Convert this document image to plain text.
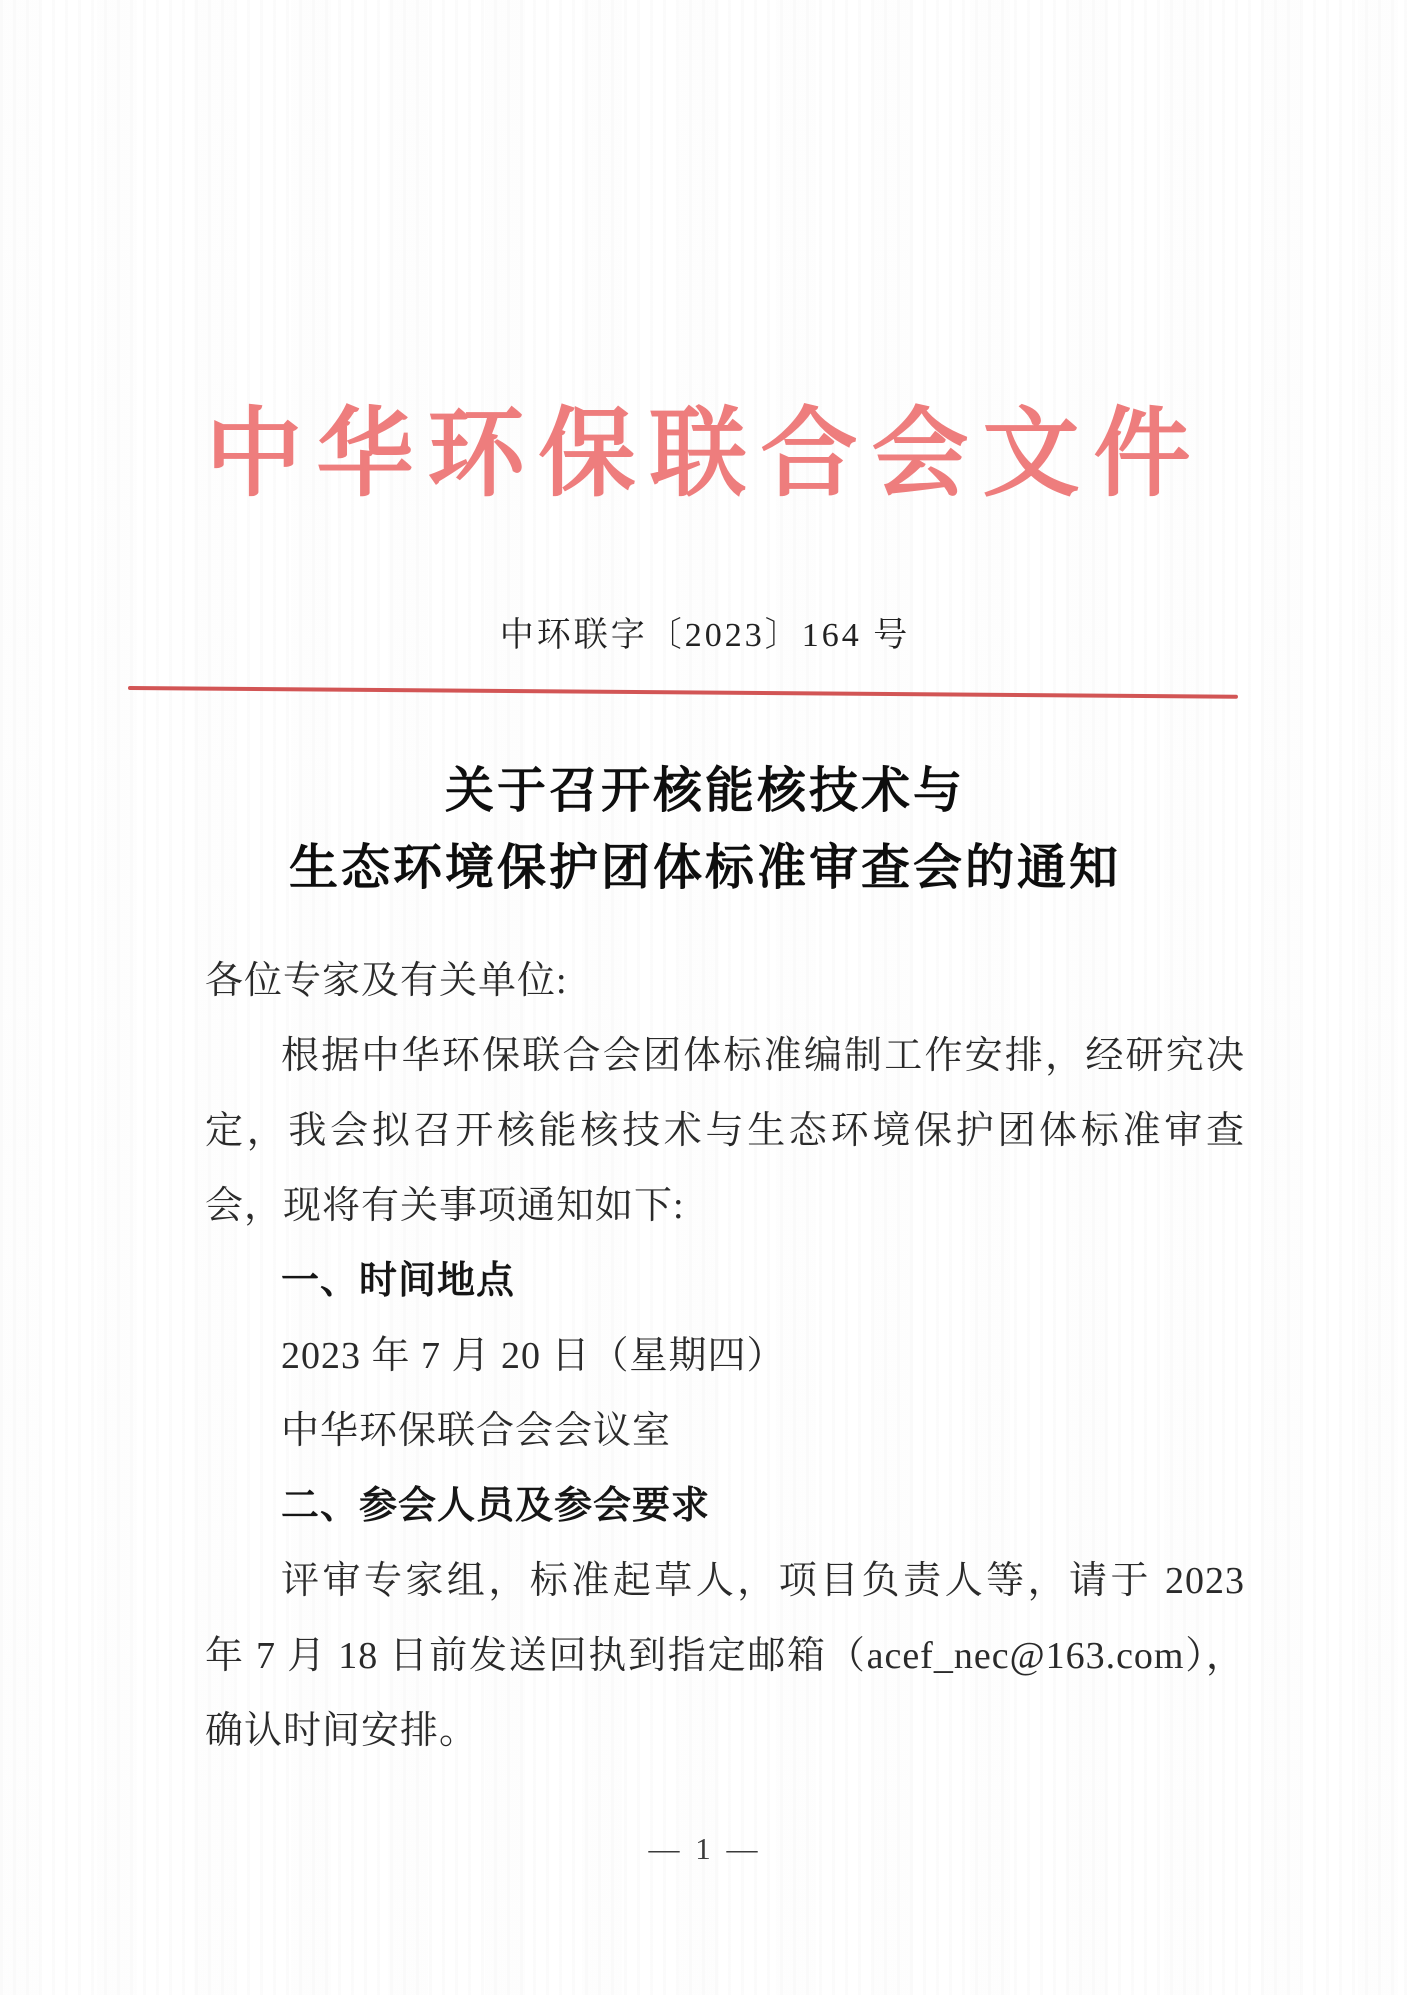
中华环保联合会文件
中环联字〔2023〕164 号
关于召开核能核技术与
生态环境保护团体标准审查会的通知
各位专家及有关单位:
根据中华环保联合会团体标准编制工作安排，经研究决
定，我会拟召开核能核技术与生态环境保护团体标准审查
会，现将有关事项通知如下:
一、时间地点
2023 年 7 月 20 日（星期四）
中华环保联合会会议室
二、参会人员及参会要求
评审专家组，标准起草人，项目负责人等，请于 2023
年 7 月 18 日前发送回执到指定邮箱（acef_nec@163.com），
确认时间安排。
— 1 —
